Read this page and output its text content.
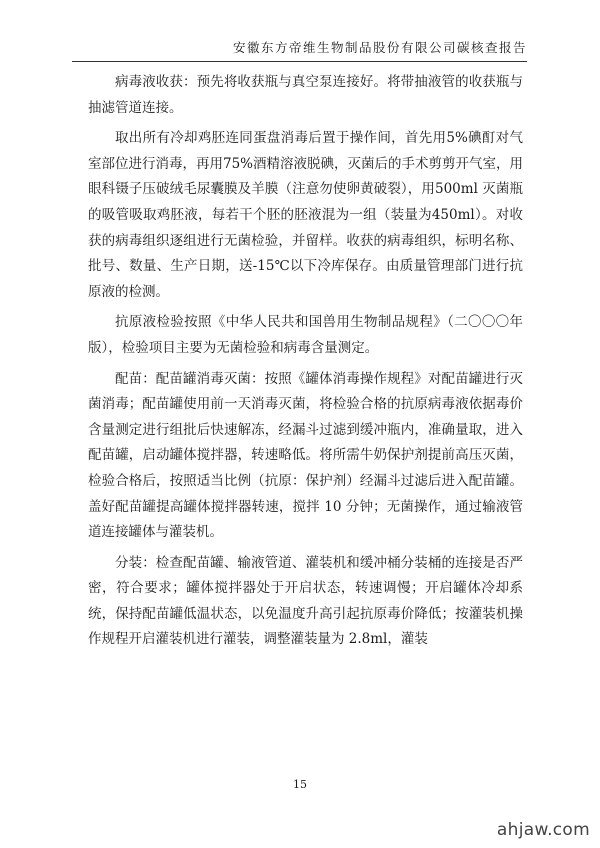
安徽东方帝维生物制品股份有限公司碳核查报告

病毒液收获：预先将收获瓶与真空泵连接好。将带抽液管的收获瓶与抽滤管道连接。

取出所有冷却鸡胚连同蛋盘消毒后置于操作间，首先用5%碘酊对气室部位进行消毒，再用75%酒精溶液脱碘，灭菌后的手术剪剪开气室，用眼科镊子压破绒毛尿囊膜及羊膜（注意勿使卵黄破裂），用500ml 灭菌瓶的吸管吸取鸡胚液，每若干个胚的胚液混为一组（装量为450ml）。对收获的病毒组织逐组进行无菌检验，并留样。收获的病毒组织，标明名称、批号、数量、生产日期，送-15℃以下冷库保存。由质量管理部门进行抗原液的检测。

抗原液检验按照《中华人民共和国兽用生物制品规程》（二〇〇〇年版），检验项目主要为无菌检验和病毒含量测定。

配苗：配苗罐消毒灭菌：按照《罐体消毒操作规程》对配苗罐进行灭菌消毒；配苗罐使用前一天消毒灭菌，将检验合格的抗原病毒液依据毒价含量测定进行组批后快速解冻，经漏斗过滤到缓冲瓶内，准确量取，进入配苗罐，启动罐体搅拌器，转速略低。将所需牛奶保护剂提前高压灭菌，检验合格后，按照适当比例（抗原：保护剂）经漏斗过滤后进入配苗罐。盖好配苗罐提高罐体搅拌器转速，搅拌 10 分钟；无菌操作，通过输液管道连接罐体与灌装机。

分装：检查配苗罐、输液管道、灌装机和缓冲桶分装桶的连接是否严密，符合要求；罐体搅拌器处于开启状态，转速调慢；开启罐体冷却系统，保持配苗罐低温状态，以免温度升高引起抗原毒价降低；按灌装机操作规程开启灌装机进行灌装，调整灌装量为 2.8ml，灌装

15
ahjaw.com
